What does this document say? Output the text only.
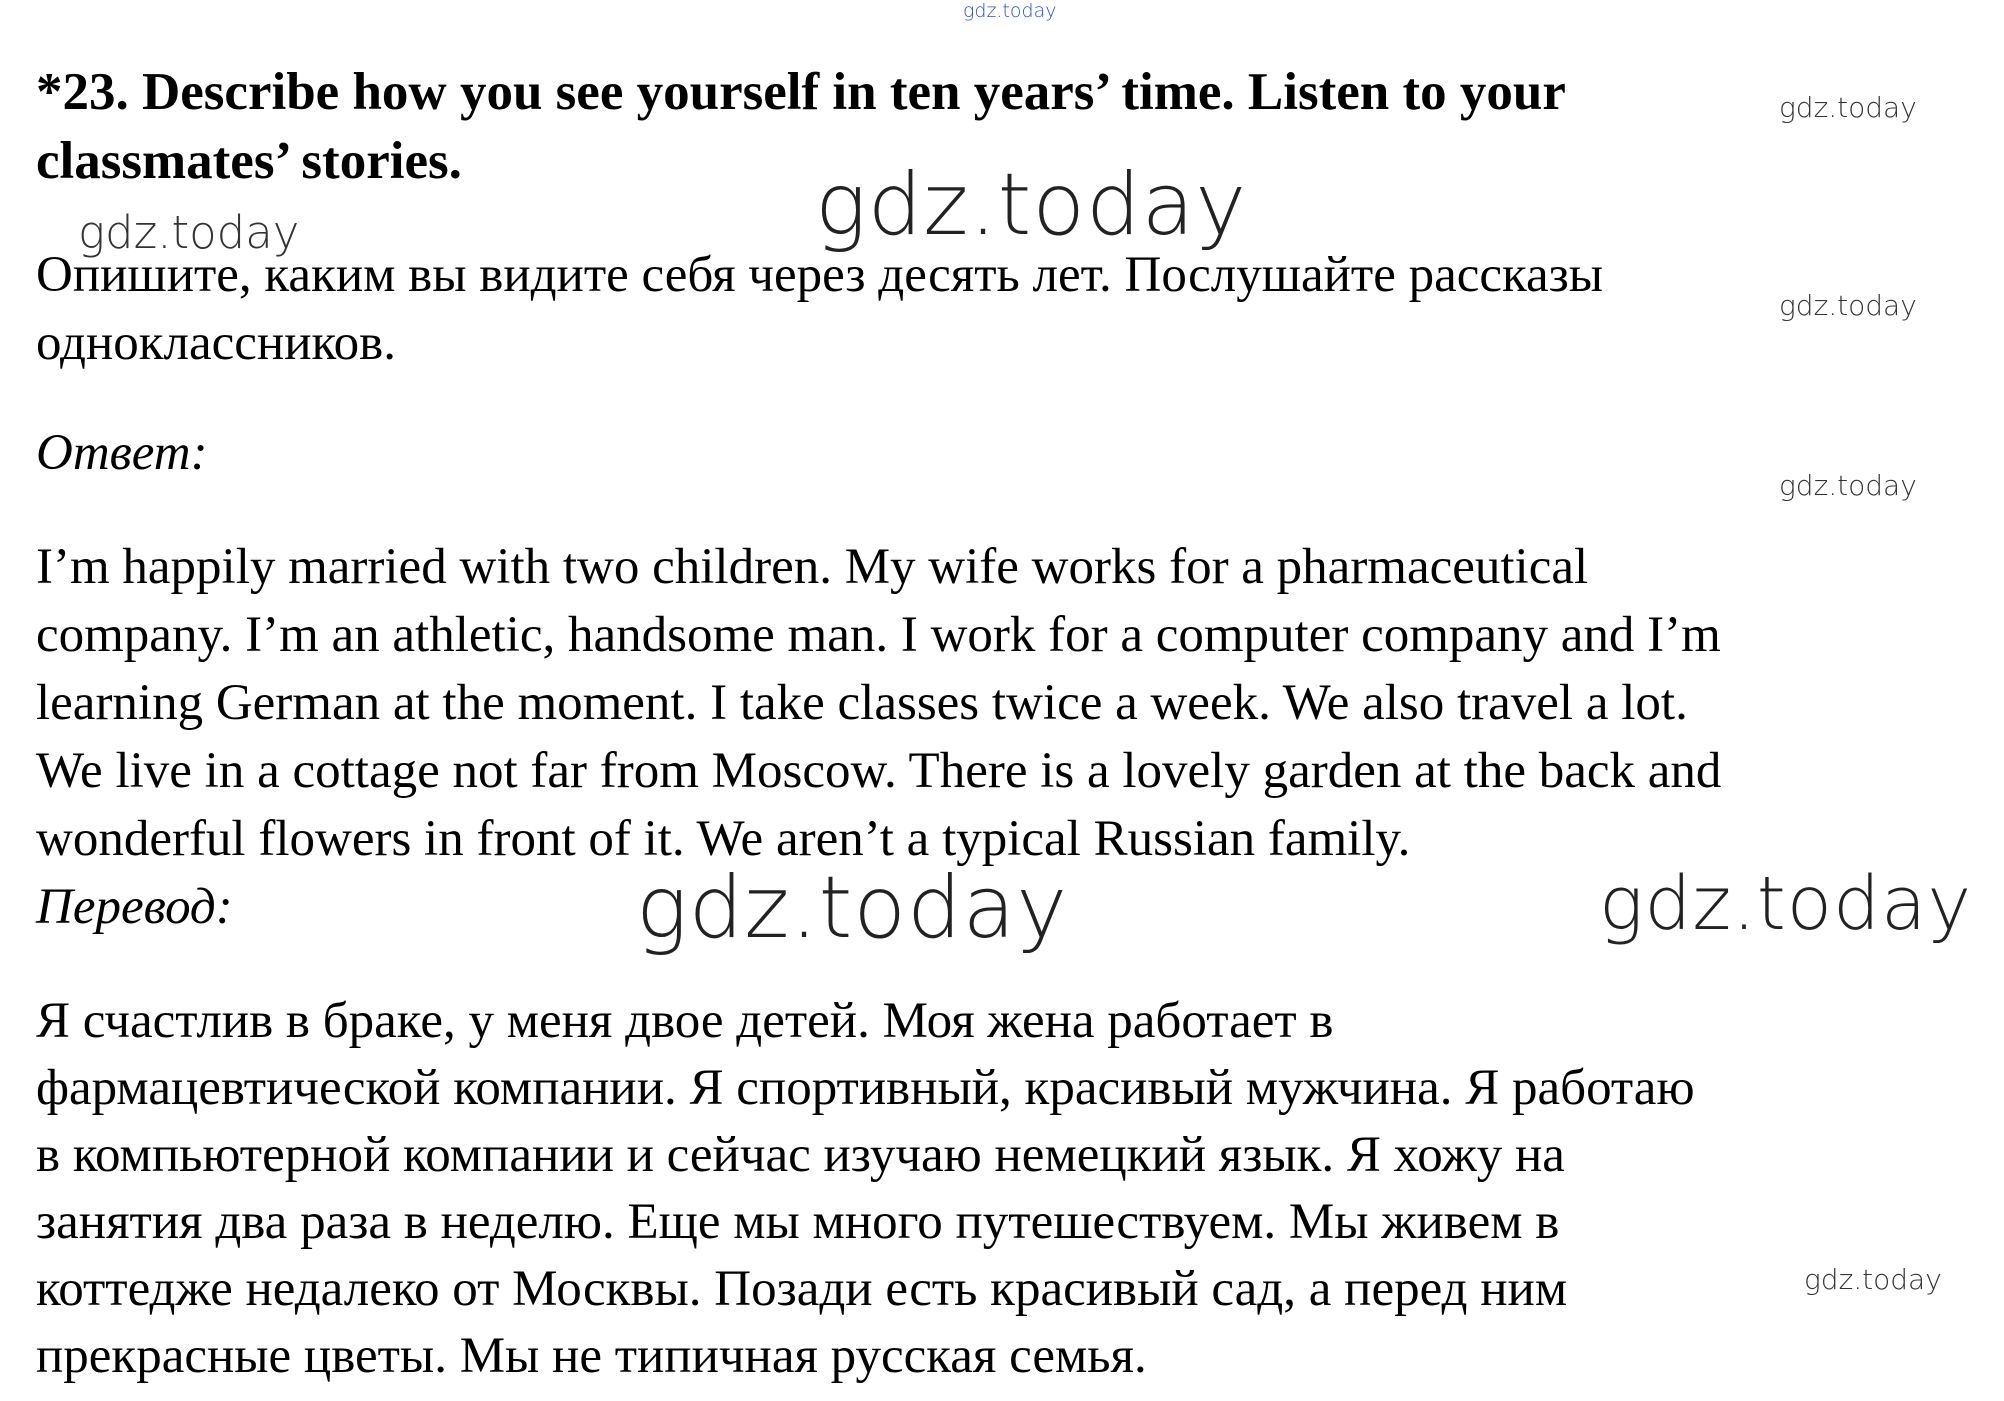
gdz.today
*23. Describe how you see yourself in ten years’ time. Listen to your
classmates’ stories.
Опишите, каким вы видите себя через десять лет. Послушайте рассказы
одноклассников.
Ответ:
I’m happily married with two children. My wife works for a pharmaceutical
company. I’m an athletic, handsome man. I work for a computer company and I’m
learning German at the moment. I take classes twice a week. We also travel a lot.
We live in a cottage not far from Moscow. There is a lovely garden at the back and
wonderful flowers in front of it. We aren’t a typical Russian family.
Перевод:
Я счастлив в браке, у меня двое детей. Моя жена работает в
фармацевтической компании. Я спортивный, красивый мужчина. Я работаю
в компьютерной компании и сейчас изучаю немецкий язык. Я хожу на
занятия два раза в неделю. Еще мы много путешествуем. Мы живем в
коттедже недалеко от Москвы. Позади есть красивый сад, а перед ним
прекрасные цветы. Мы не типичная русская семья.
gdz.today
gdz.today
gdz.today
gdz.today
gdz.today
gdz.today	gdz.today
gdz.today
